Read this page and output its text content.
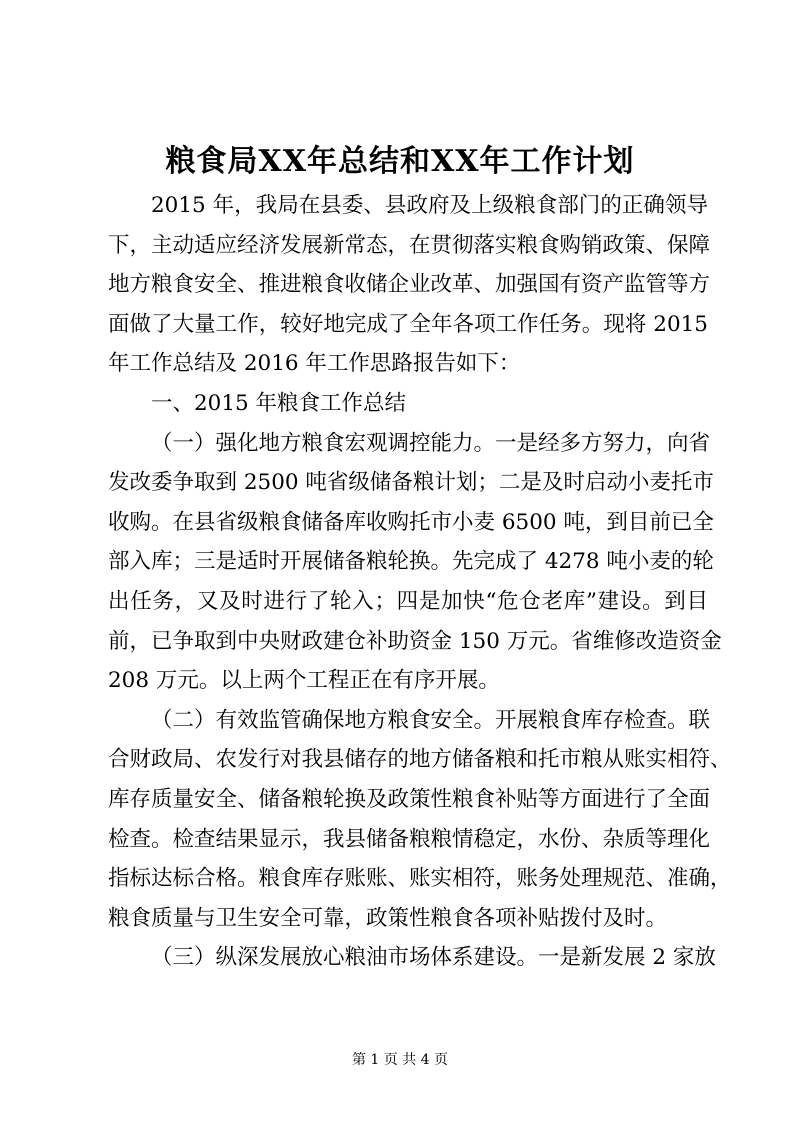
粮食局XX年总结和XX年工作计划
2015 年，我局在县委、县政府及上级粮食部门的正确领导
下，主动适应经济发展新常态，在贯彻落实粮食购销政策、保障
地方粮食安全、推进粮食收储企业改革、加强国有资产监管等方
面做了大量工作，较好地完成了全年各项工作任务。现将 2015
年工作总结及 2016 年工作思路报告如下：
一、2015 年粮食工作总结
（一）强化地方粮食宏观调控能力。一是经多方努力，向省
发改委争取到 2500 吨省级储备粮计划；二是及时启动小麦托市
收购。在县省级粮食储备库收购托市小麦 6500 吨，到目前已全
部入库；三是适时开展储备粮轮换。先完成了 4278 吨小麦的轮
出任务，又及时进行了轮入；四是加快“危仓老库”建设。到目
前，已争取到中央财政建仓补助资金 150 万元。省维修改造资金
208 万元。以上两个工程正在有序开展。
（二）有效监管确保地方粮食安全。开展粮食库存检查。联
合财政局、农发行对我县储存的地方储备粮和托市粮从账实相符、
库存质量安全、储备粮轮换及政策性粮食补贴等方面进行了全面
检查。检查结果显示，我县储备粮粮情稳定，水份、杂质等理化
指标达标合格。粮食库存账账、账实相符，账务处理规范、准确，
粮食质量与卫生安全可靠，政策性粮食各项补贴拨付及时。
（三）纵深发展放心粮油市场体系建设。一是新发展 2 家放
第 1 页 共 4 页
